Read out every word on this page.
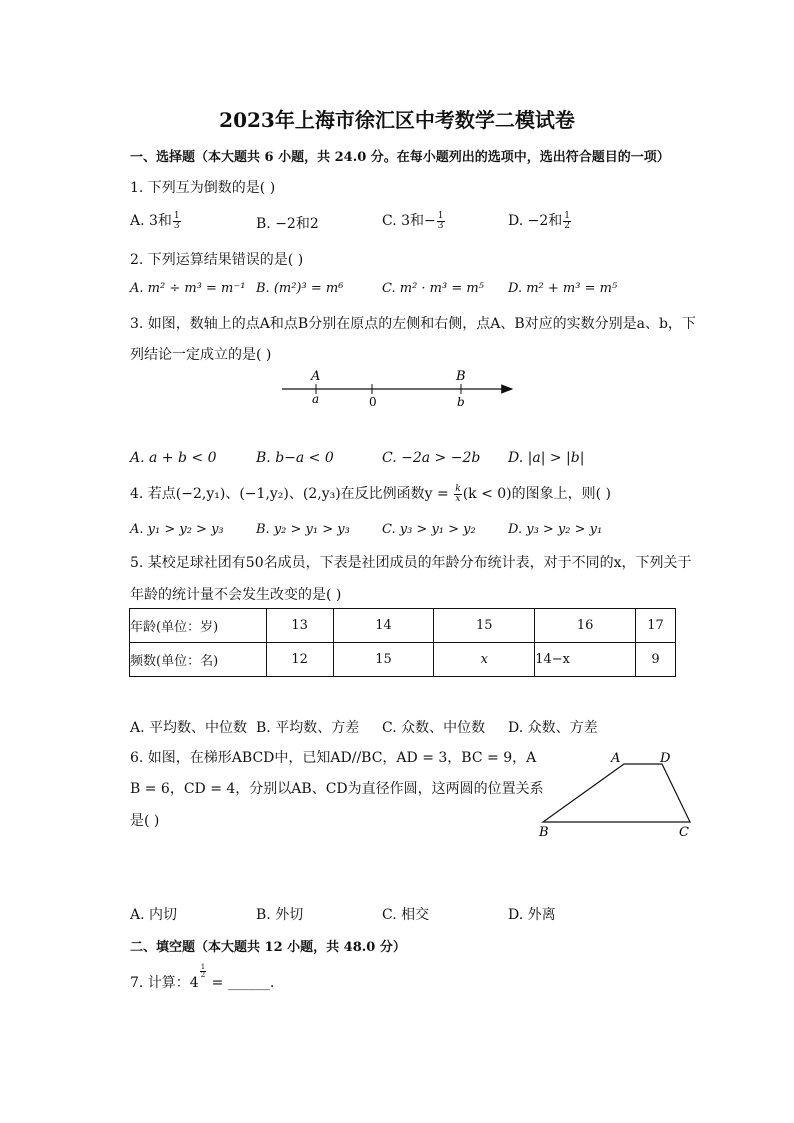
2023年上海市徐汇区中考数学二模试卷
一、选择题（本大题共 6 小题，共 24.0 分。在每小题列出的选项中，选出符合题目的一项）
1. 下列互为倒数的是( )
A. 3和 $\frac{1}{3}$	B. −2和2	C. 3和− $\frac{1}{3}$	D. −2和 $\frac{1}{2}$
2. 下列运算结果错误的是( )
A. m² ÷ m³ = m⁻¹ B. (m²)³ = m⁶	C. m² · m³ = m⁵ D. m² + m³ = m⁵
3. 如图，数轴上的点A和点B分别在原点的左侧和右侧，点A、B对应的实数分别是a、b，下
列结论一定成立的是( )
A	B
a	0	b
A. a + b < 0	B. b−a < 0	C. −2a > −2b D. |a| > |b|
4. 若点(−2,y₁)、(−1,y₂)、(2,y₃)在反比例函数$y = \frac{k}{x} (k < 0)$的图象上，则( )
A. y₁ > y₂ > y₃ B. y₂ > y₁ > y₃ C. y₃ > y₁ > y₂ D. y₃ > y₂ > y₁
5. 某校足球社团有50名成员，下表是社团成员的年龄分布统计表，对于不同的x，下列关于
年龄的统计量不会发生改变的是( )
年龄(单位：岁)	13	14	15	16	17
频数(单位：名)	12	15	x	14−x	9
A. 平均数、中位数 B. 平均数、方差 C. 众数、中位数 D. 众数、方差
6. 如图，在梯形ABCD中，已知AD//BC，AD = 3，BC = 9，A
B = 6，CD = 4，分别以AB、CD为直径作圆，这两圆的位置关系
是( )
A	D
B	C
A. 内切	B. 外切	C. 相交	D. 外离
二、填空题（本大题共 12 小题，共 48.0 分）
7. 计算：4
$\frac{1}{2}$
= ______.
